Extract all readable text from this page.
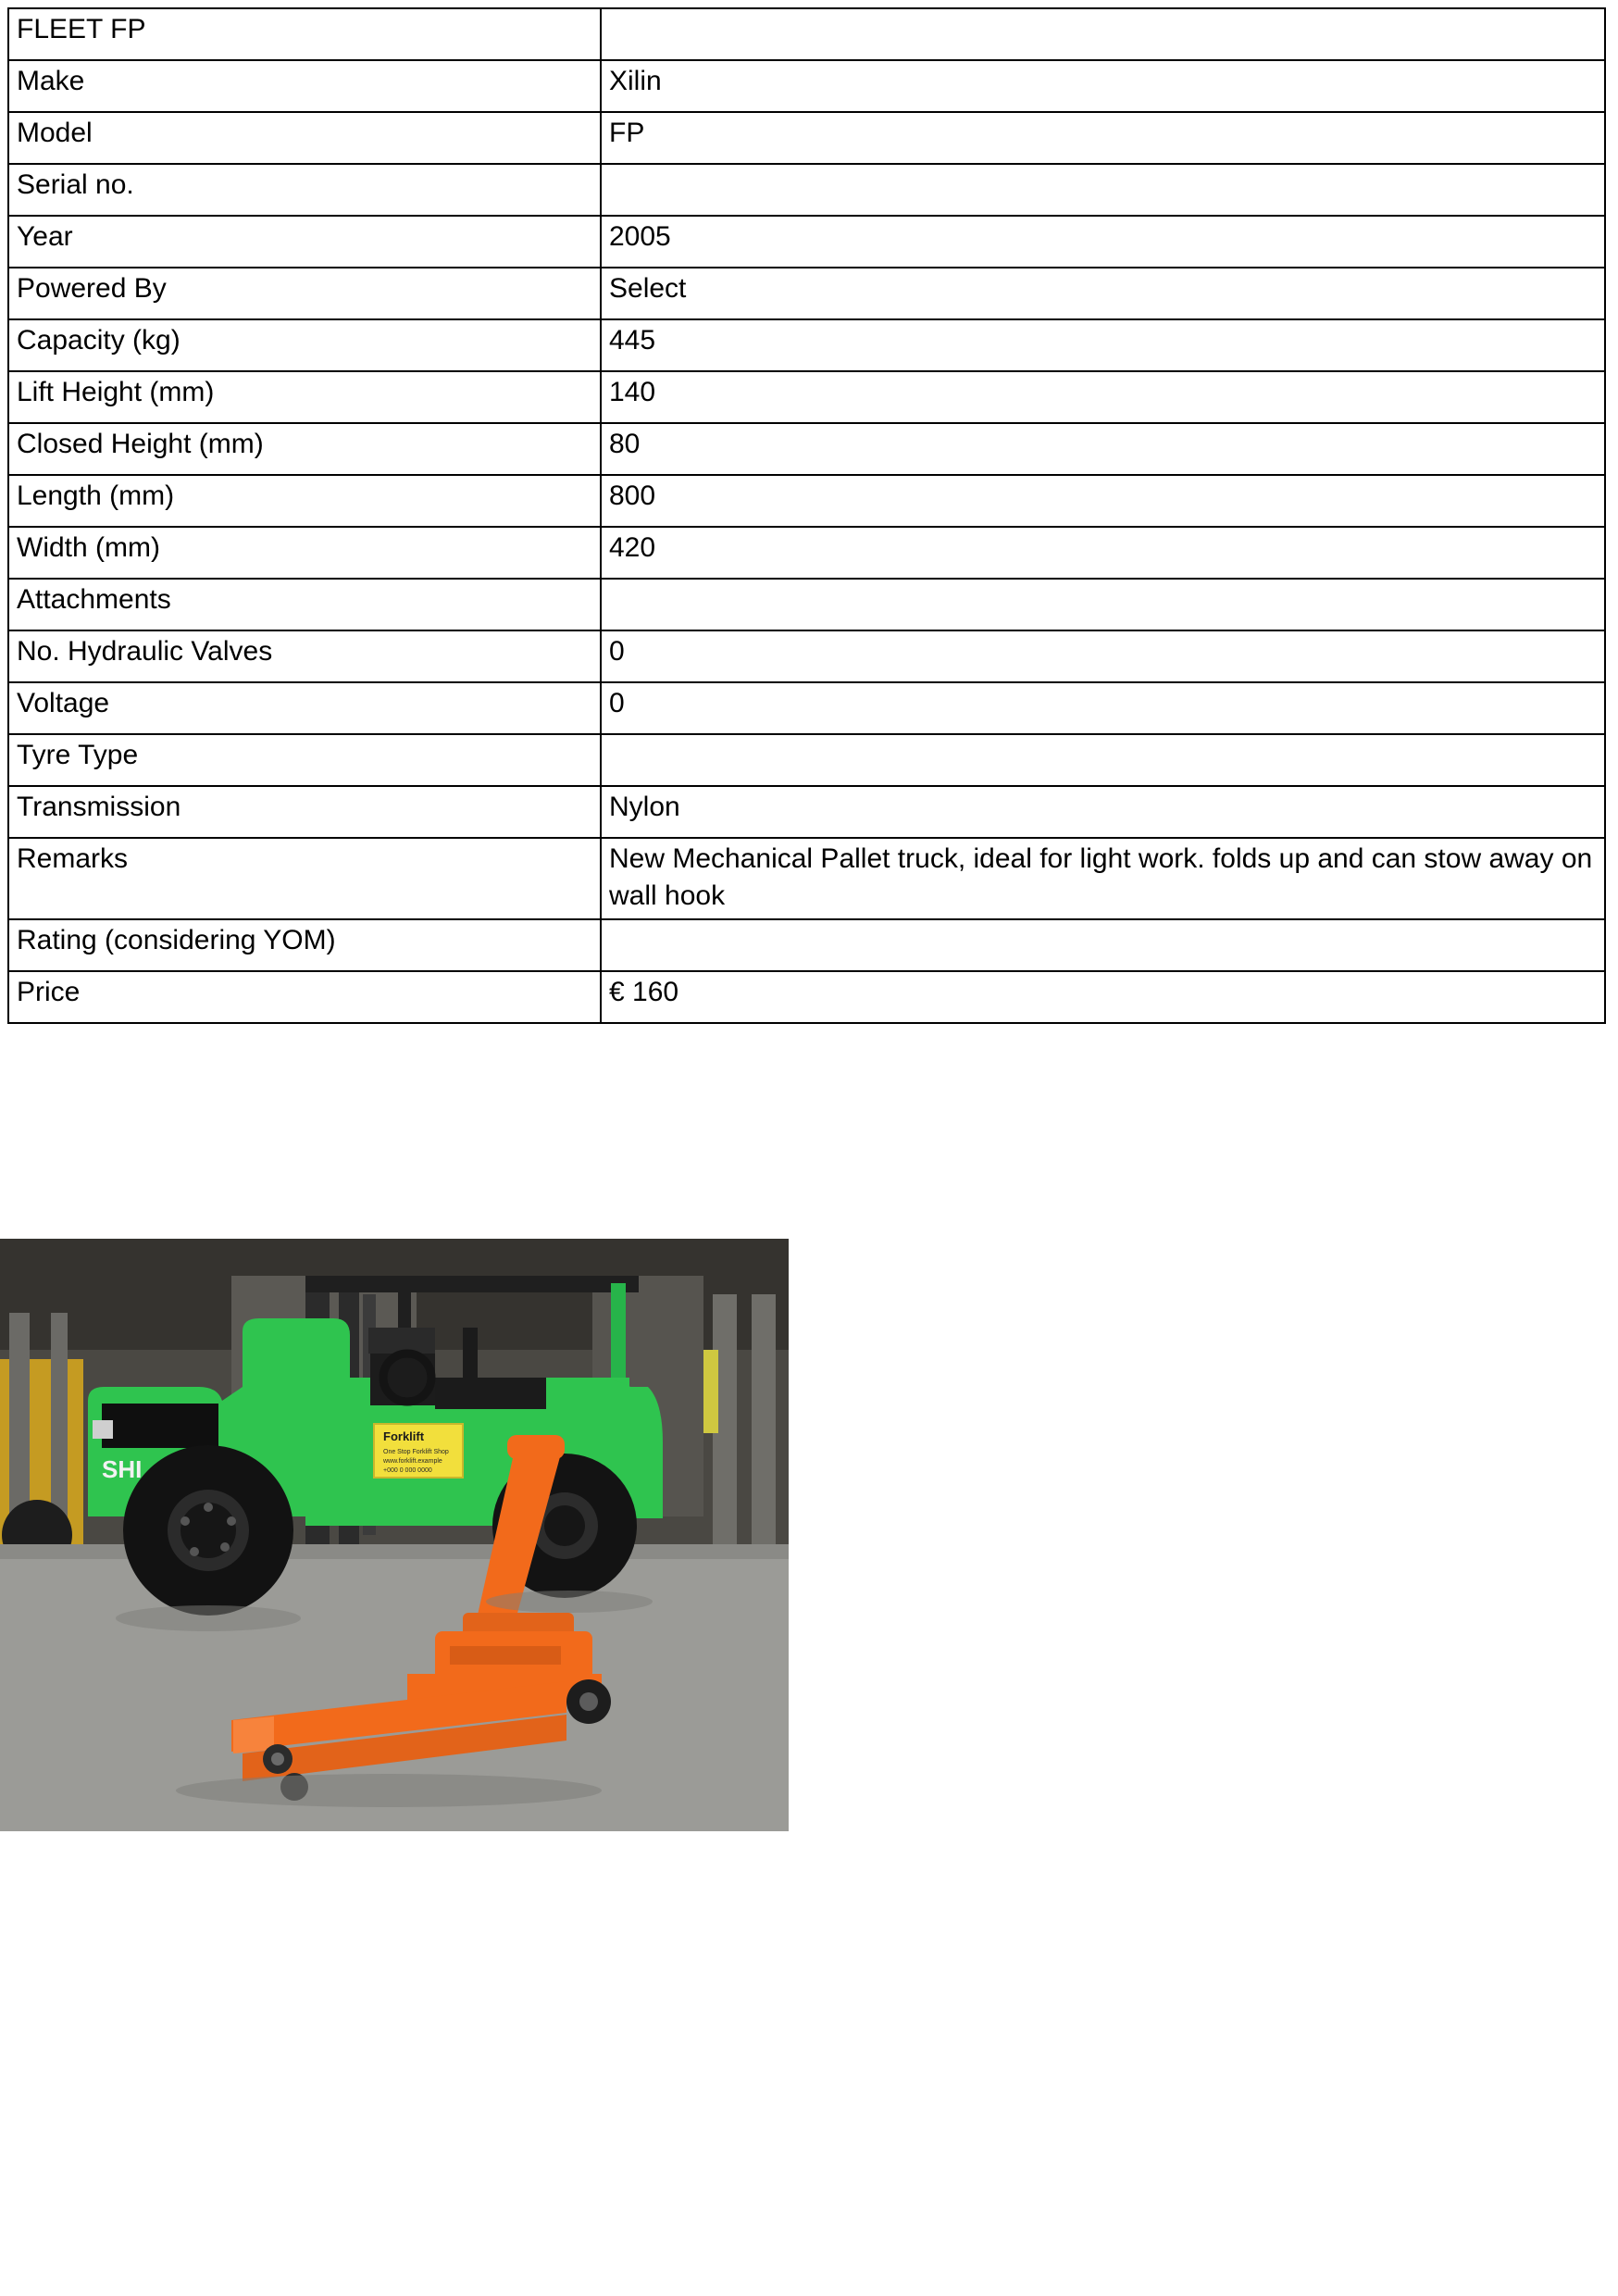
FLEET FP	
Make	Xilin
Model	FP
Serial no.	
Year	2005
Powered By	Select
Capacity (kg)	445
Lift Height (mm)	140
Closed Height (mm)	80
Length (mm)	800
Width (mm)	420
Attachments	
No. Hydraulic Valves	0
Voltage	0
Tyre Type	
Transmission	Nylon
Remarks	New Mechanical Pallet truck, ideal for light work. folds up and can stow away on wall hook
Rating (considering YOM)	
Price	€ 160
SHI
Forklift
One Stop Forklift Shop
www.forklift.example
+000 0 000 0000
